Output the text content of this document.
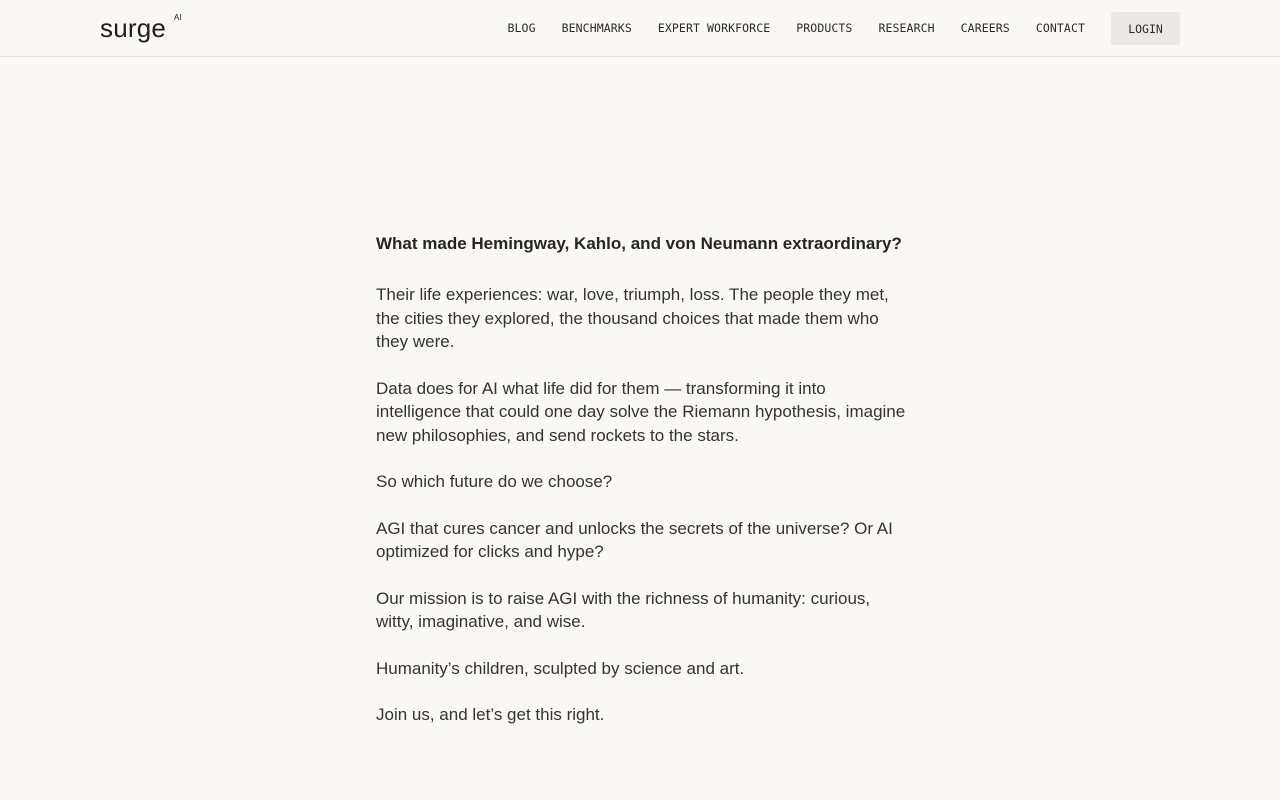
surge AI
BLOG BENCHMARKS EXPERT WORKFORCE PRODUCTS RESEARCH CAREERS CONTACT	LOGIN
What made Hemingway, Kahlo, and von Neumann extraordinary?

Their life experiences: war, love, triumph, loss. The people they met, the cities they explored, the thousand choices that made them who they were.

Data does for AI what life did for them — transforming it into intelligence that could one day solve the Riemann hypothesis, imagine new philosophies, and send rockets to the stars.

So which future do we choose?

AGI that cures cancer and unlocks the secrets of the universe? Or AI optimized for clicks and hype?

Our mission is to raise AGI with the richness of humanity: curious, witty, imaginative, and wise.

Humanity’s children, sculpted by science and art.

Join us, and let’s get this right.
